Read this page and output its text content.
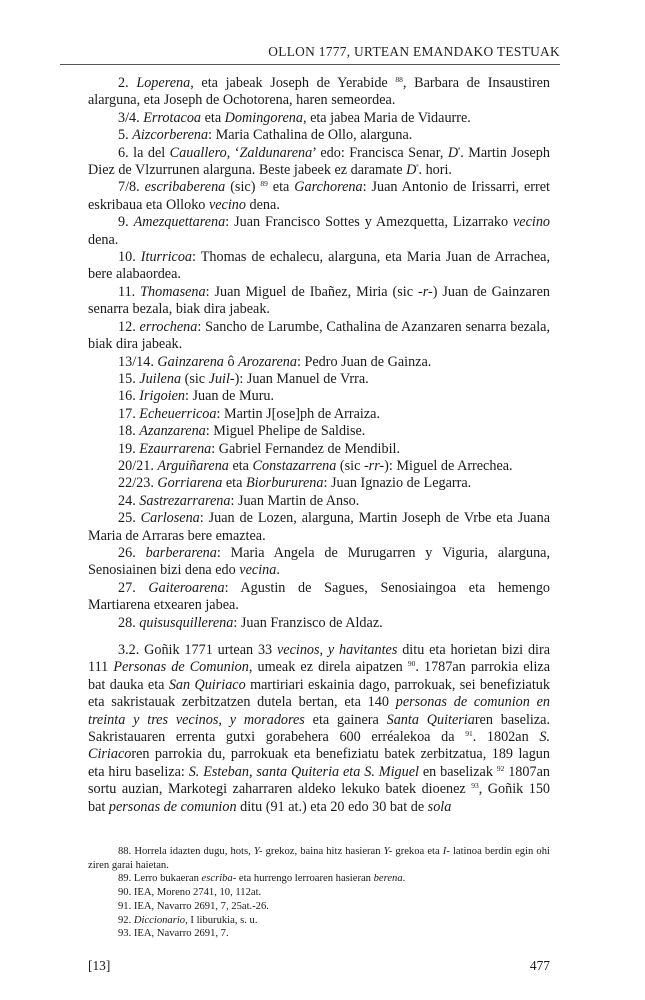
OLLON 1777, URTEAN EMANDAKO TESTUAK

2. Loperena, eta jabeak Joseph de Yerabide $^{88}$, Barbara de Insaustiren alarguna, eta Joseph de Ochotorena, haren semeordea.

3/4. Errotacoa eta Domingorena, eta jabea Maria de Vidaurre.

5. Aizcorberena: Maria Cathalina de Ollo, alarguna.

6. la del Cauallero, ‘Zaldunarena’ edo: Francisca Senar, $D^ª$. Martin Joseph Diez de Vlzurrunen alarguna. Beste jabeek ez daramate $D^ª$. hori.

7/8. escribaberena (sic) $^{89}$ eta Garchorena: Juan Antonio de Irissarri, erret eskribaua eta Olloko vecino dena.

9. Amezquettarena: Juan Francisco Sottes y Amezquetta, Lizarrako vecino dena.

10. Iturricoa: Thomas de echalecu, alarguna, eta Maria Juan de Arrachea, bere alabaordea.

11. Thomasena: Juan Miguel de Ibañez, Miria (sic -r-) Juan de Gainzaren senarra bezala, biak dira jabeak.

12. errochena: Sancho de Larumbe, Cathalina de Azanzaren senarra bezala, biak dira jabeak.

13/14. Gainzarena ô Arozarena: Pedro Juan de Gainza.

15. Juilena (sic Juil-): Juan Manuel de Vrra.

16. Irigoien: Juan de Muru.

17. Echeuerricoa: Martin J[ose]ph de Arraiza.

18. Azanzarena: Miguel Phelipe de Saldise.

19. Ezaurrarena: Gabriel Fernandez de Mendibil.

20/21. Arguiñarena eta Constazarrena (sic -rr-): Miguel de Arrechea.

22/23. Gorriarena eta Biorbururena: Juan Ignazio de Legarra.

24. Sastrezarrarena: Juan Martin de Anso.

25. Carlosena: Juan de Lozen, alarguna, Martin Joseph de Vrbe eta Juana Maria de Arraras bere emaztea.

26. barberarena: Maria Angela de Murugarren y Viguria, alarguna, Senosiainen bizi dena edo vecina.

27. Gaiteroarena: Agustin de Sagues, Senosiaingoa eta hemengo Martiarena etxearen jabea.

28. quisusquillerena: Juan Franzisco de Aldaz.

3.2. Goñik 1771 urtean 33 vecinos, y havitantes ditu eta horietan bizi dira 111 Personas de Comunion, umeak ez direla aipatzen $^{90}$. 1787an parrokia eliza bat dauka eta San Quiriaco martiriari eskainia dago, parrokuak, sei benefiziatuk eta sakristauak zerbitzatzen dutela bertan, eta 140 personas de comunion en treinta y tres vecinos, y moradores eta gainera Santa Quiteriaren baseliza. Sakristauaren errenta gutxi gorabehera 600 erréalekoa da $^{91}$. 1802an S. Ciriacoren parrokia du, parrokuak eta benefiziatu batek zerbitzatua, 189 lagun eta hiru baseliza: S. Esteban, santa Quiteria eta S. Miguel en baselizak $^{92}$ 1807an sortu auzian, Markotegi zaharraren aldeko lekuko batek dioenez $^{93}$, Goñik 150 bat personas de comunion ditu (91 at.) eta 20 edo 30 bat de sola

88. Horrela idazten dugu, hots, Y- grekoz, baina hitz hasieran Y- grekoa eta I- latinoa berdin egin ohi ziren garai haietan.

89. Lerro bukaeran escriba- eta hurrengo lerroaren hasieran berena.

90. IEA, Moreno 2741, 10, 112at.

91. IEA, Navarro 2691, 7, 25at.-26.

92. Diccionario, I liburukia, s. u.

93. IEA, Navarro 2691, 7.

[13]	477
